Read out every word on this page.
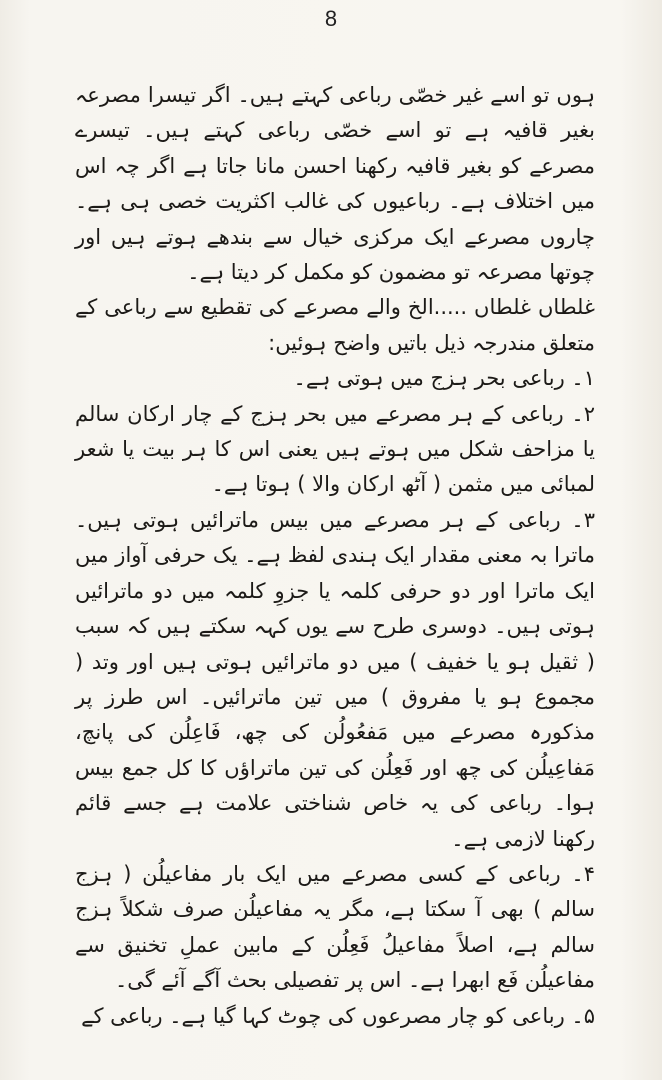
8

ہوں تو اسے غیر خصّی رباعی کہتے ہیں۔ اگر تیسرا مصرعہ بغیر قافیہ ہے تو اسے خصّی رباعی کہتے ہیں۔ تیسرے مصرعے کو بغیر قافیہ رکھنا احسن مانا جاتا ہے اگر چہ اس میں اختلاف ہے۔ رباعیوں کی غالب اکثریت خصی ہی ہے۔ چاروں مصرعے ایک مرکزی خیال سے بندھے ہوتے ہیں اور چوتھا مصرعہ تو مضمون کو مکمل کر دیتا ہے۔

غلطاں غلطاں .....الخ والے مصرعے کی تقطیع سے رباعی کے متعلق مندرجہ ذیل باتیں واضح ہوئیں:

۱۔ رباعی بحر ہزج میں ہوتی ہے۔

۲۔ رباعی کے ہر مصرعے میں بحر ہزج کے چار ارکان سالم یا مزاحف شکل میں ہوتے ہیں یعنی اس کا ہر بیت یا شعر لمبائی میں مثمن ( آٹھ ارکان والا ) ہوتا ہے۔

۳۔ رباعی کے ہر مصرعے میں بیس ماترائیں ہوتی ہیں۔ ماترا بہ معنی مقدار ایک ہندی لفظ ہے۔ یک حرفی آواز میں ایک ماترا اور دو حرفی کلمہ یا جزوِ کلمہ میں دو ماترائیں ہوتی ہیں۔ دوسری طرح سے یوں کہہ سکتے ہیں کہ سبب ( ثقیل ہو یا خفیف ) میں دو ماترائیں ہوتی ہیں اور وتد ( مجموع ہو یا مفروق ) میں تین ماترائیں۔ اس طرز پر مذکورہ مصرعے میں مَفعُولُن کی چھ، فَاعِلُن کی پانچ، مَفاعِیلُن کی چھ اور فَعِلُن کی تین ماتراؤں کا کل جمع بیس ہوا۔ رباعی کی یہ خاص شناختی علامت ہے جسے قائم رکھنا لازمی ہے۔

۴۔ رباعی کے کسی مصرعے میں ایک بار مفاعیلُن ( ہزج سالم ) بھی آ سکتا ہے، مگر یہ مفاعیلُن صرف شکلاً ہزج سالم ہے، اصلاً مفاعیلُ فَعِلُن کے مابین عملِ تخنیق سے مفاعیلُن فَع ابھرا ہے۔ اس پر تفصیلی بحث آگے آئے گی۔

۵۔ رباعی کو چار مصرعوں کی چوٹ کہا گیا ہے۔ رباعی کے
